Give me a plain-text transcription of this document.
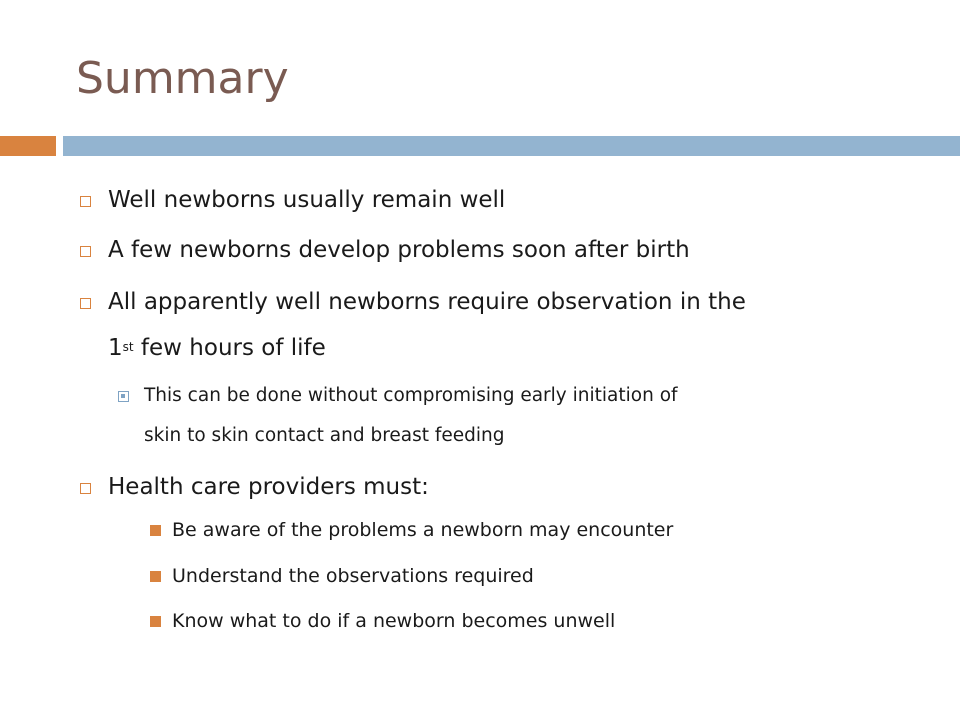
Summary
Well newborns usually remain well
A few newborns develop problems soon after birth
All apparently well newborns require observation in the
1st few hours of life
This can be done without compromising early initiation of
skin to skin contact and breast feeding
Health care providers must:
Be aware of the problems a newborn may encounter
Understand the observations required
Know what to do if a newborn becomes unwell
